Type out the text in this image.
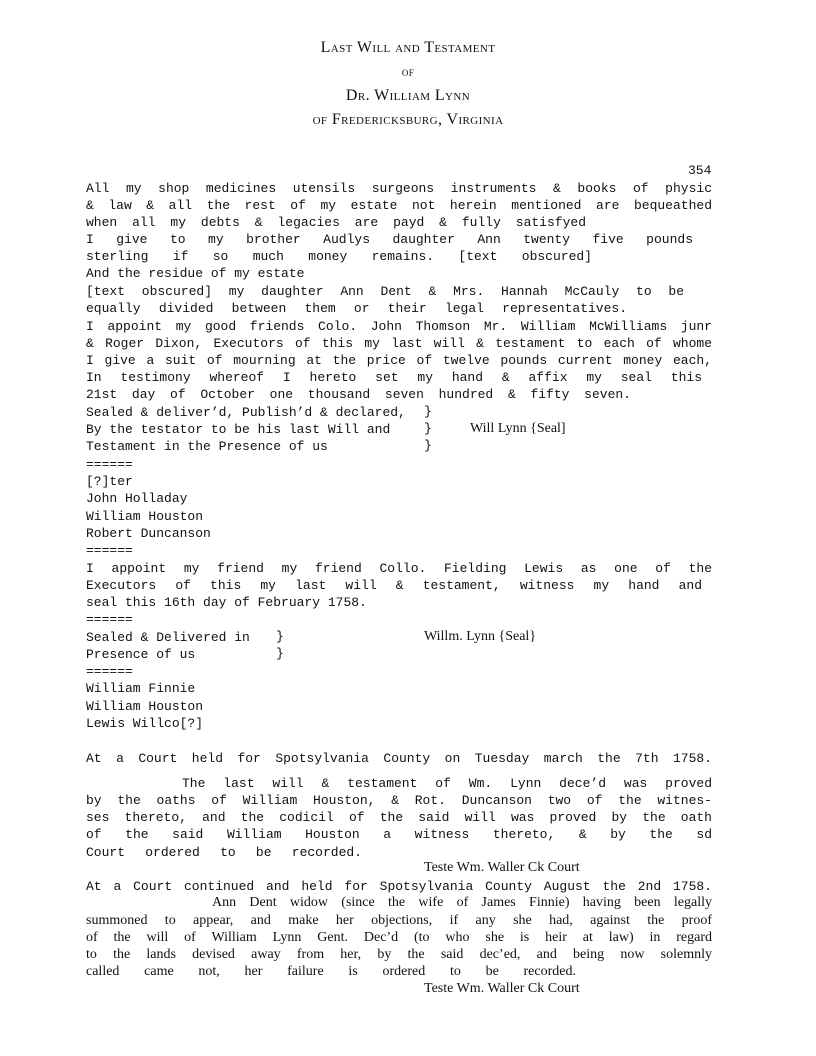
Last Will and Testament
of
Dr. William Lynn
of Fredericksburg, Virginia
354
All my shop medicines utensils surgeons instruments & books of physic
& law & all the rest of my estate not herein mentioned are bequeathed
when all my debts & legacies are payd & fully satisfyed
I give to my brother Audlys daughter Ann twenty five pounds
sterling if so much money remains. [text obscured]
And the residue of my estate
[text obscured] my daughter Ann Dent & Mrs. Hannah McCauly to be
equally divided between them or their legal representatives.
I appoint my good friends Colo. John Thomson Mr. William McWilliams junr
& Roger Dixon, Executors of this my last will & testament to each of whome
I give a suit of mourning at the price of twelve pounds current money each,
In testimony whereof I hereto set my hand & affix my seal this
21st day of October one thousand seven hundred & fifty seven.
Sealed & deliver’d, Publish’d & declared,
By the testator to be his last Will and
Testament in the Presence of us
}
}
}
Will Lynn {Seal]
======
[?]ter
John Holladay
William Houston
Robert Duncanson
======
I appoint my friend my friend Collo. Fielding Lewis as one of the
Executors of this my last will & testament, witness my hand and
seal this 16th day of February 1758.
======
Sealed & Delivered in
Presence of us
}
}
Willm. Lynn {Seal}
======
William Finnie
William Houston
Lewis Willco[?]
At a Court held for Spotsylvania County on Tuesday march the 7th 1758.
The last will & testament of Wm. Lynn dece’d was proved
by the oaths of William Houston, & Rot. Duncanson two of the witnes-
ses thereto, and the codicil of the said will was proved by the oath
of the said William Houston a witness thereto, & by the sd
Court ordered to be recorded.
Teste Wm. Waller Ck Court
At a Court continued and held for Spotsylvania County August the 2nd 1758.
Ann Dent widow (since the wife of James Finnie) having been legally
summoned to appear, and make her objections, if any she had, against the proof
of the will of William Lynn Gent. Dec’d (to who she is heir at law) in regard
to the lands devised away from her, by the said dec’ed, and being now solemnly
called came not, her failure is ordered to be recorded.
Teste Wm. Waller Ck Court
